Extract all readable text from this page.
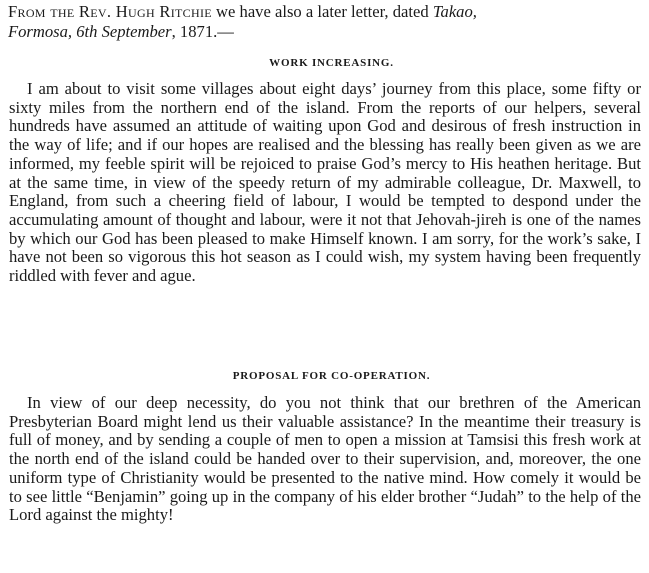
From the Rev. Hugh Ritchie we have also a later letter, dated Takao,
Formosa, 6th September, 1871.—

WORK INCREASING.

I am about to visit some villages about eight days’ journey from this place, some fifty or sixty miles from the northern end of the island. From the reports of our helpers, several hundreds have assumed an attitude of waiting upon God and desirous of fresh instruction in the way of life; and if our hopes are realised and the blessing has really been given as we are informed, my feeble spirit will be rejoiced to praise God’s mercy to His heathen heritage. But at the same time, in view of the speedy return of my admirable colleague, Dr. Maxwell, to England, from such a cheering field of labour, I would be tempted to despond under the accumulating amount of thought and labour, were it not that Jehovah-jireh is one of the names by which our God has been pleased to make Himself known. I am sorry, for the work’s sake, I have not been so vigorous this hot season as I could wish, my system having been frequently riddled with fever and ague.

PROPOSAL FOR CO-OPERATION.

In view of our deep necessity, do you not think that our brethren of the American Presbyterian Board might lend us their valuable assistance? In the meantime their treasury is full of money, and by sending a couple of men to open a mission at Tamsisi this fresh work at the north end of the island could be handed over to their supervision, and, moreover, the one uniform type of Christianity would be presented to the native mind. How comely it would be to see little “Benjamin” going up in the company of his elder brother “Judah” to the help of the Lord against the mighty!
